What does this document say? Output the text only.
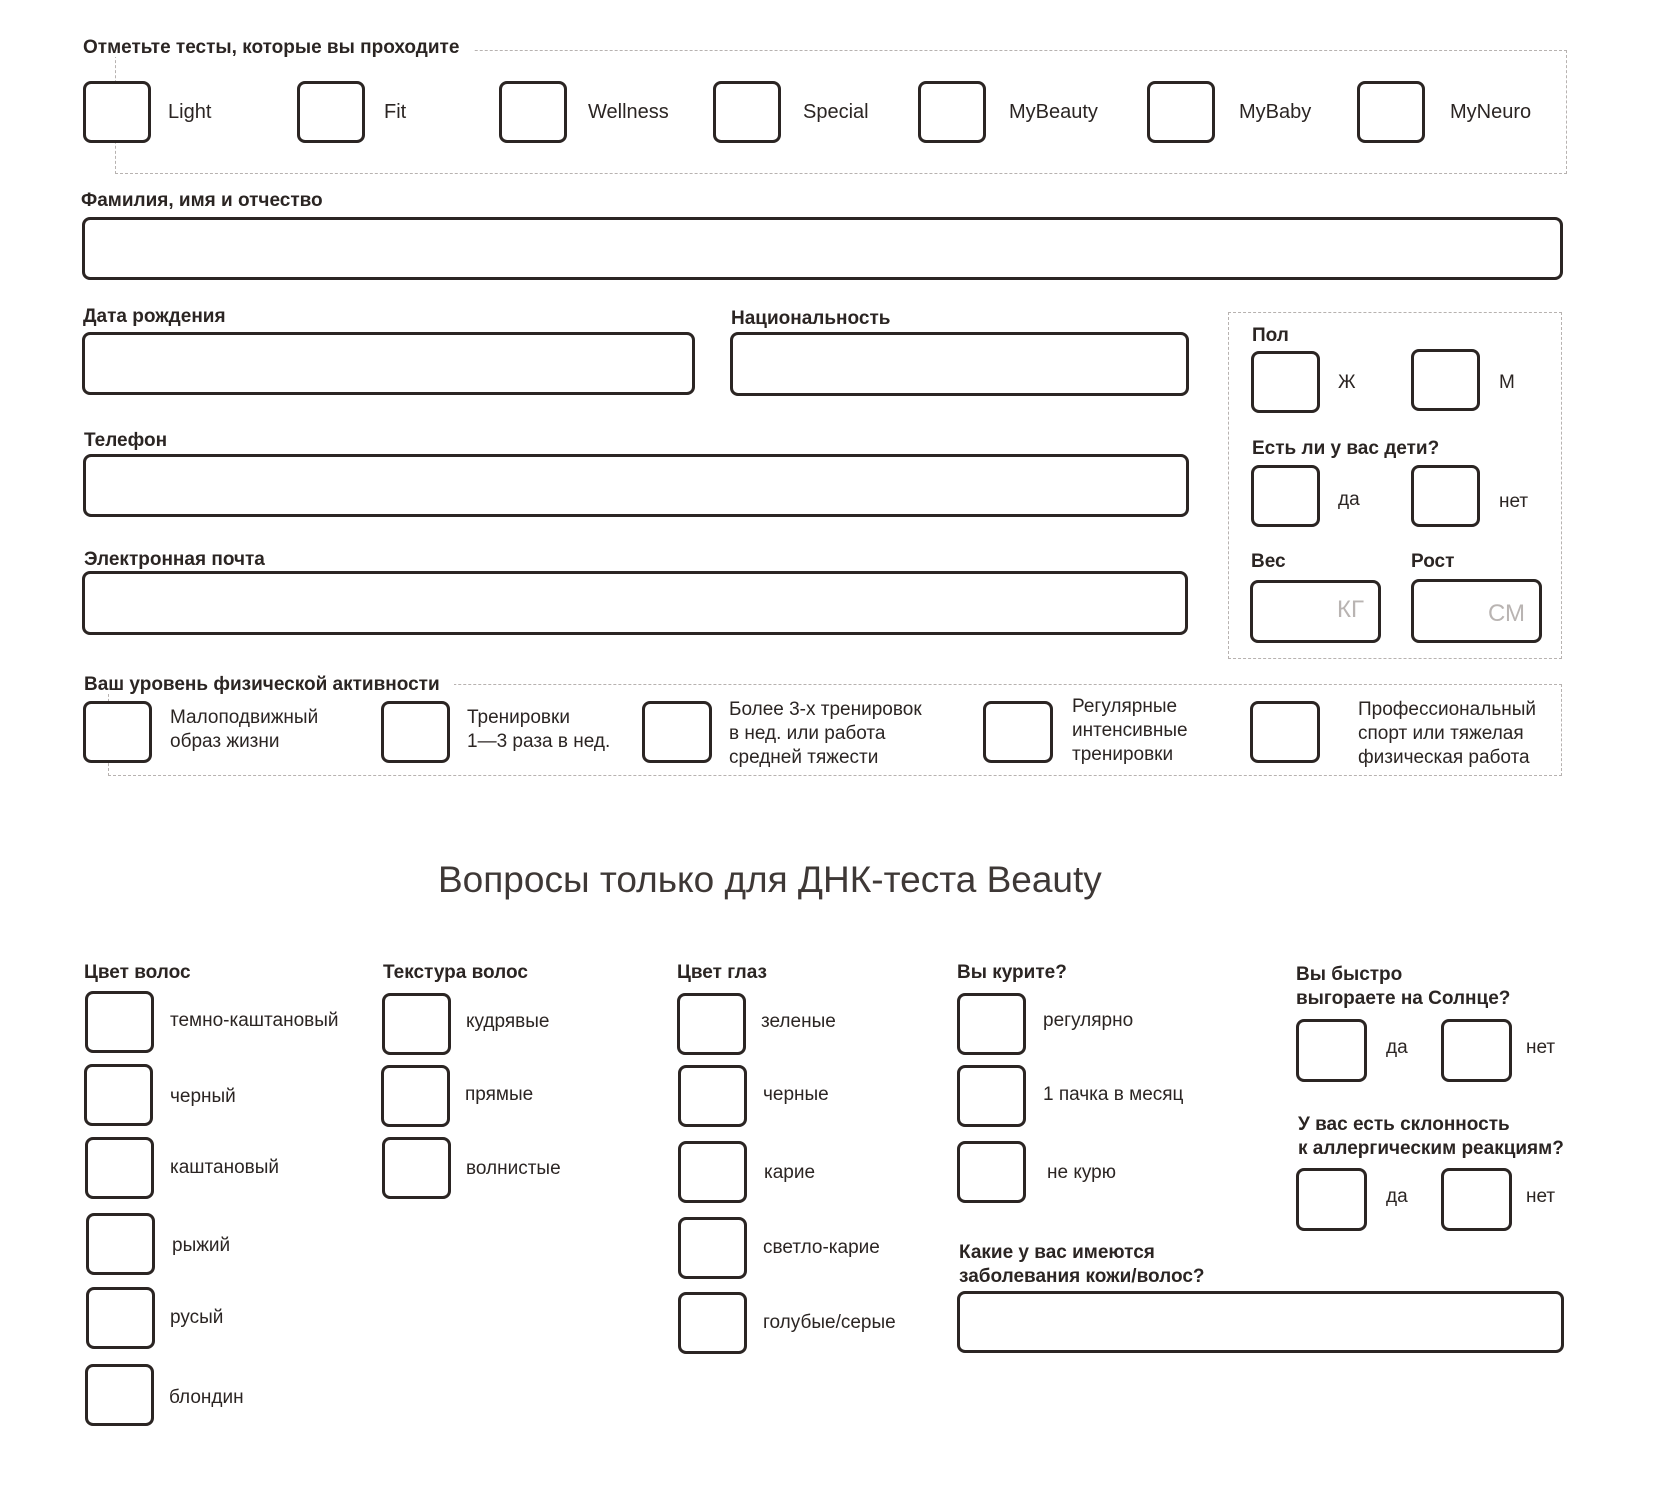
Отметьте тесты, которые вы проходите
Light	Fit	Wellness	Special	MyBeauty	MyBaby	MyNeuro
Фамилия, имя и отчество
Дата рождения	Национальность
Телефон
Электронная почта
Пол
Ж	М
Есть ли у вас дети?
да	нет
Вес
КГ
Рост
СМ
Ваш уровень физической активности
Малоподвижный
образ жизни
Тренировки
1—3 раза в нед.
Более 3-х тренировок
в нед. или работа
средней тяжести
Регулярные
интенсивные
тренировки
Профессиональный
спорт или тяжелая
физическая работа
Вопросы только для ДНК-теста Beauty
Цвет волос
темно-каштановый
черный
каштановый
рыжий
русый
блондин
Текстура волос
кудрявые
прямые
волнистые
Цвет глаз
зеленые
черные
карие
светло-карие
голубые/серые
Вы курите?
регулярно
1 пачка в месяц
не курю
Вы быстро
выгораете на Солнце?
да	нет
У вас есть склонность
к аллергическим реакциям?
да	нет
Какие у вас имеются
заболевания кожи/волос?
